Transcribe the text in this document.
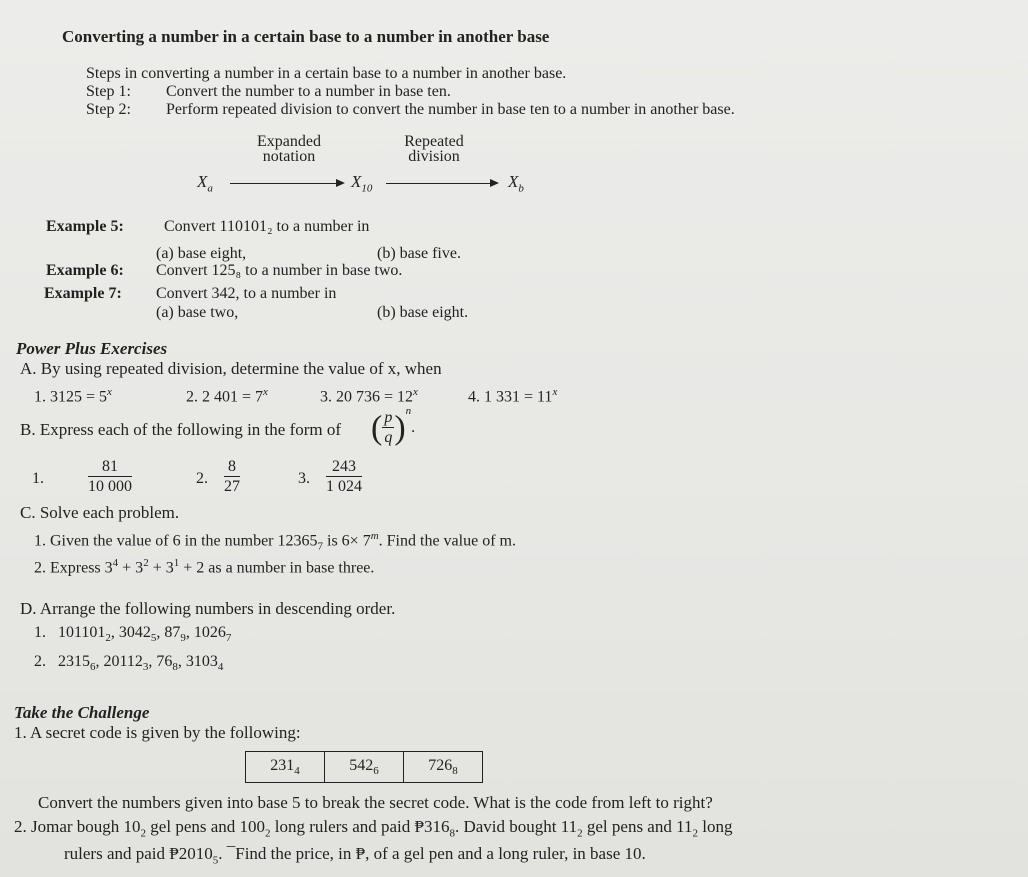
Converting a number in a certain base to a number in another base
Steps in converting a number in a certain base to a number in another base.
Step 1: Convert the number to a number in base ten.
Step 2: Perform repeated division to convert the number in base ten to a number in another base.
Expanded
notation
Repeated
division
$X_a$	$X_{10}$	$X_b$
Example 5:	Convert 110101₂ to a number in
(a) base eight,	(b) base five.
Example 6: Convert 125₈ to a number in base two.
Example 7: Convert 342, to a number in
(a) base two,	(b) base eight.
Power Plus Exercises
A. By using repeated division, determine the value of x, when
1. $3125 = 5^x$	2. 2 $401 = 7^x$	3. 20 $736 = 12^x$	4. 1 $331 = 11^x$
B. Express each of the following in the form of ( $\frac{p}{q} )^n$.
1.	$\frac{81}{10 000}$	2. $\frac{8}{27}$	3. $\frac{243}{1 024}$
C. Solve each problem.
1. Given the value of 6 in the number $12365_7$ is $6\times 7^m$. Find the value of m.
2. Express $3^4 + 3^2 + 3^1 + 2$ as a number in base three.
D. Arrange the following numbers in descending order.
1.   $101101_2$, $3042_5$, $87_9$, $1026_7$
2.   $2315_6$, $20112_3$, $76_8$, $3103_4$
Take the Challenge
1. A secret code is given by the following:
$231_4$	$542_6$	$726_8$
Convert the numbers given into base 5 to break the secret code. What is the code from left to right?
2. Jomar bough $10_2$ gel pens and $100_2$ long rulers and paid $₱316_8$. David bought $11_2$ gel pens and $11_2$ long
rulers and paid $₱2010_5$. ¯Find the price, in ₱, of a gel pen and a long ruler, in base 10.
